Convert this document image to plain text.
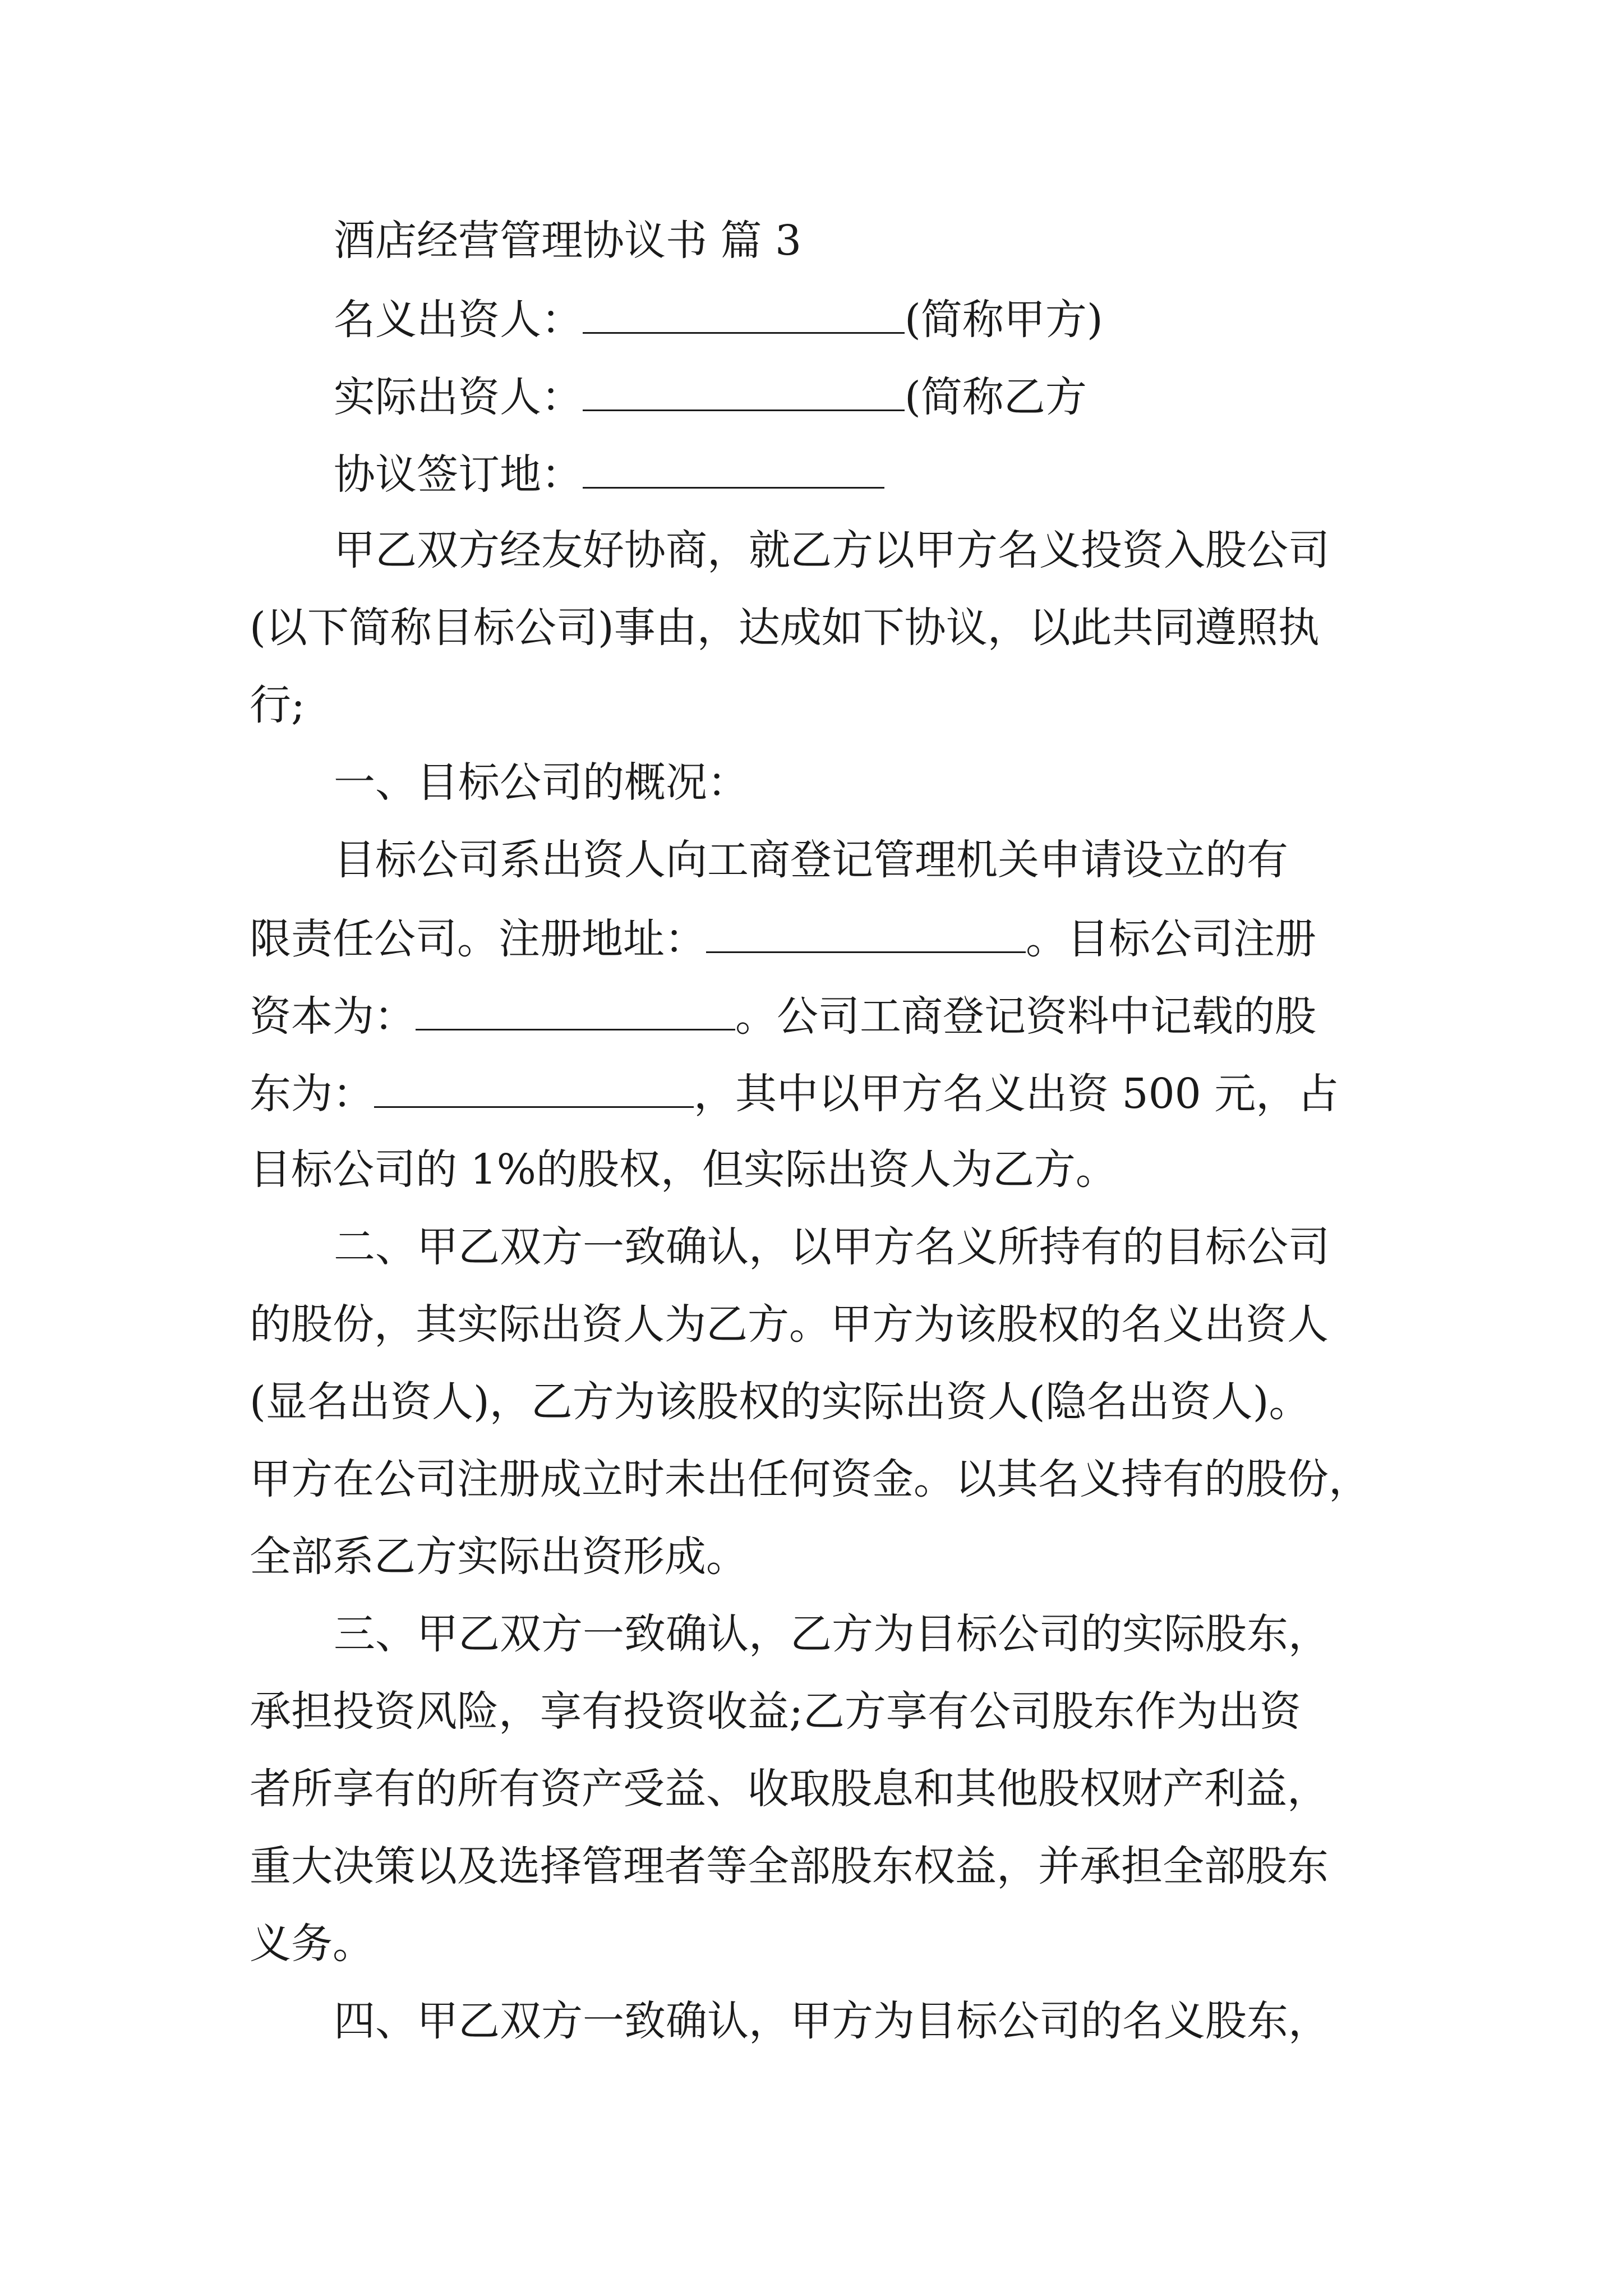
酒店经营管理协议书 篇 3
名义出资人：	(简称甲方)
实际出资人：	(简称乙方
协议签订地：
甲乙双方经友好协商，就乙方以甲方名义投资入股公司
(以下简称目标公司)事由，达成如下协议，以此共同遵照执
行;
一、目标公司的概况：
目标公司系出资人向工商登记管理机关申请设立的有
限责任公司。注册地址：	。目标公司注册
资本为：	。公司工商登记资料中记载的股
东为：	，其中以甲方名义出资 500 元，占
目标公司的 1%的股权，但实际出资人为乙方。
二、甲乙双方一致确认，以甲方名义所持有的目标公司
的股份，其实际出资人为乙方。甲方为该股权的名义出资人
(显名出资人)，乙方为该股权的实际出资人(隐名出资人)。
甲方在公司注册成立时未出任何资金。以其名义持有的股份，
全部系乙方实际出资形成。
三、甲乙双方一致确认，乙方为目标公司的实际股东，
承担投资风险，享有投资收益;乙方享有公司股东作为出资
者所享有的所有资产受益、收取股息和其他股权财产利益，
重大决策以及选择管理者等全部股东权益，并承担全部股东
义务。
四、甲乙双方一致确认，甲方为目标公司的名义股东，
